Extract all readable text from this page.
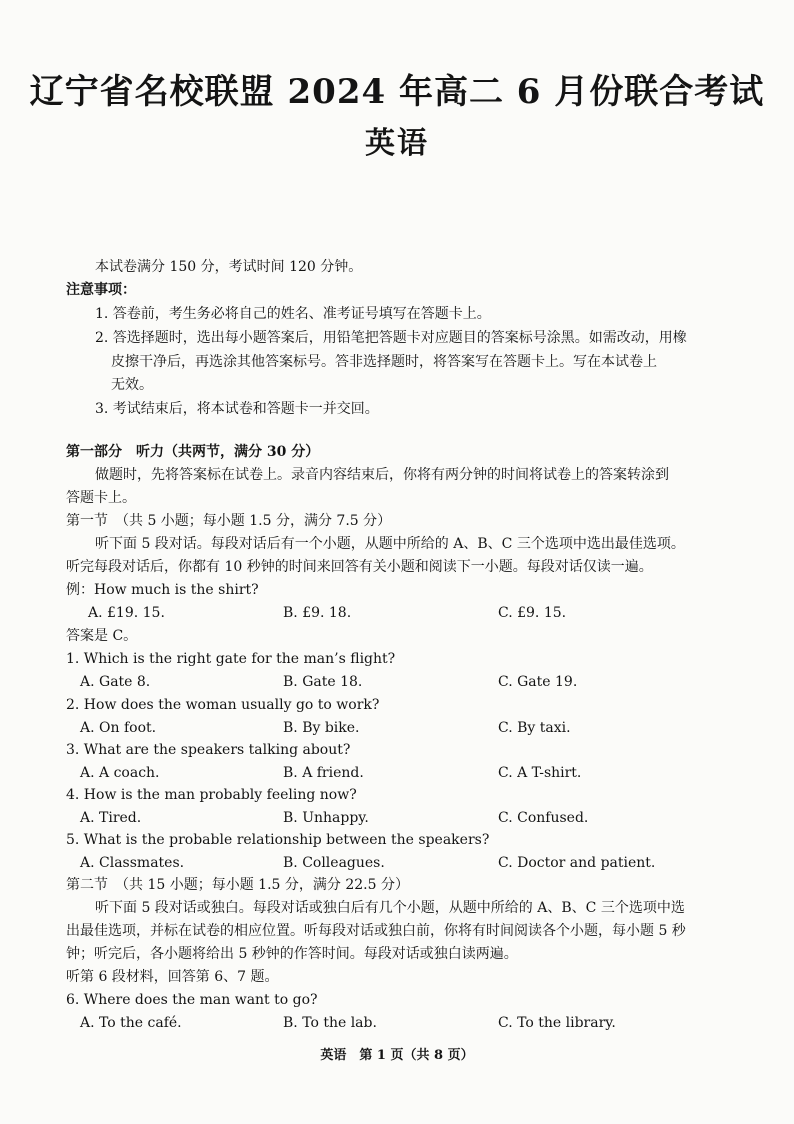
辽宁省名校联盟 2024 年高二 6 月份联合考试
英语
本试卷满分 150 分，考试时间 120 分钟。
注意事项：
1. 答卷前，考生务必将自己的姓名、准考证号填写在答题卡上。
2. 答选择题时，选出每小题答案后，用铅笔把答题卡对应题目的答案标号涂黑。如需改动，用橡
皮擦干净后，再选涂其他答案标号。答非选择题时，将答案写在答题卡上。写在本试卷上
无效。
3. 考试结束后，将本试卷和答题卡一并交回。
第一部分　听力（共两节，满分 30 分）
做题时，先将答案标在试卷上。录音内容结束后，你将有两分钟的时间将试卷上的答案转涂到
答题卡上。
第一节　（共 5 小题；每小题 1.5 分，满分 7.5 分）
听下面 5 段对话。每段对话后有一个小题，从题中所给的 A、B、C 三个选项中选出最佳选项。
听完每段对话后，你都有 10 秒钟的时间来回答有关小题和阅读下一小题。每段对话仅读一遍。
例：How much is the shirt?
A. £19. 15.	B. £9. 18.	C. £9. 15.
答案是 C。
1. Which is the right gate for the man’s flight?
A. Gate 8.	B. Gate 18.	C. Gate 19.
2. How does the woman usually go to work?
A. On foot.	B. By bike.	C. By taxi.
3. What are the speakers talking about?
A. A coach.	B. A friend.	C. A T-shirt.
4. How is the man probably feeling now?
A. Tired.	B. Unhappy.	C. Confused.
5. What is the probable relationship between the speakers?
A. Classmates.	B. Colleagues.	C. Doctor and patient.
第二节　（共 15 小题；每小题 1.5 分，满分 22.5 分）
听下面 5 段对话或独白。每段对话或独白后有几个小题，从题中所给的 A、B、C 三个选项中选
出最佳选项，并标在试卷的相应位置。听每段对话或独白前，你将有时间阅读各个小题，每小题 5 秒
钟；听完后，各小题将给出 5 秒钟的作答时间。每段对话或独白读两遍。
听第 6 段材料，回答第 6、7 题。
6. Where does the man want to go?
A. To the café.	B. To the lab.	C. To the library.
英语　第 1 页（共 8 页）
